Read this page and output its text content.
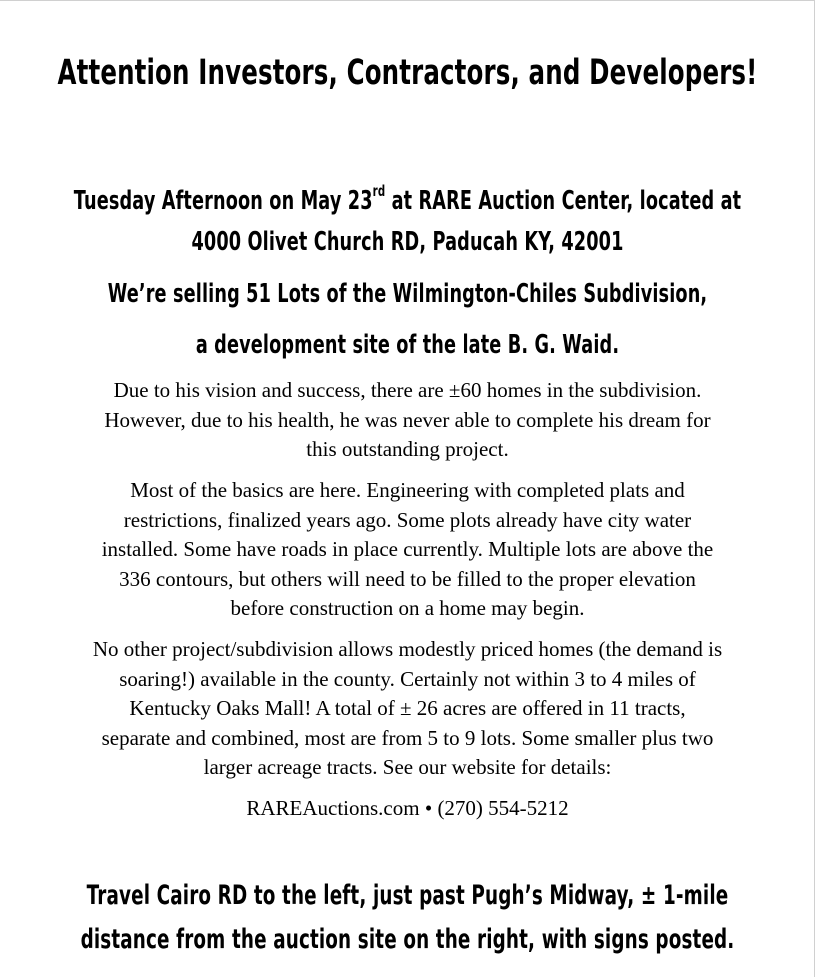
Attention Investors, Contractors, and Developers!
Tuesday Afternoon on May 23rd at RARE Auction Center, located at
4000 Olivet Church RD, Paducah KY, 42001
We’re selling 51 Lots of the Wilmington-Chiles Subdivision,
a development site of the late B. G. Waid.
Due to his vision and success, there are ±60 homes in the subdivision.
However, due to his health, he was never able to complete his dream for
this outstanding project.
Most of the basics are here. Engineering with completed plats and
restrictions, finalized years ago. Some plots already have city water
installed. Some have roads in place currently. Multiple lots are above the
336 contours, but others will need to be filled to the proper elevation
before construction on a home may begin.
No other project/subdivision allows modestly priced homes (the demand is
soaring!) available in the county. Certainly not within 3 to 4 miles of
Kentucky Oaks Mall! A total of ± 26 acres are offered in 11 tracts,
separate and combined, most are from 5 to 9 lots. Some smaller plus two
larger acreage tracts. See our website for details:
RAREAuctions.com • (270) 554-5212
Travel Cairo RD to the left, just past Pugh’s Midway, ± 1-mile
distance from the auction site on the right, with signs posted.
